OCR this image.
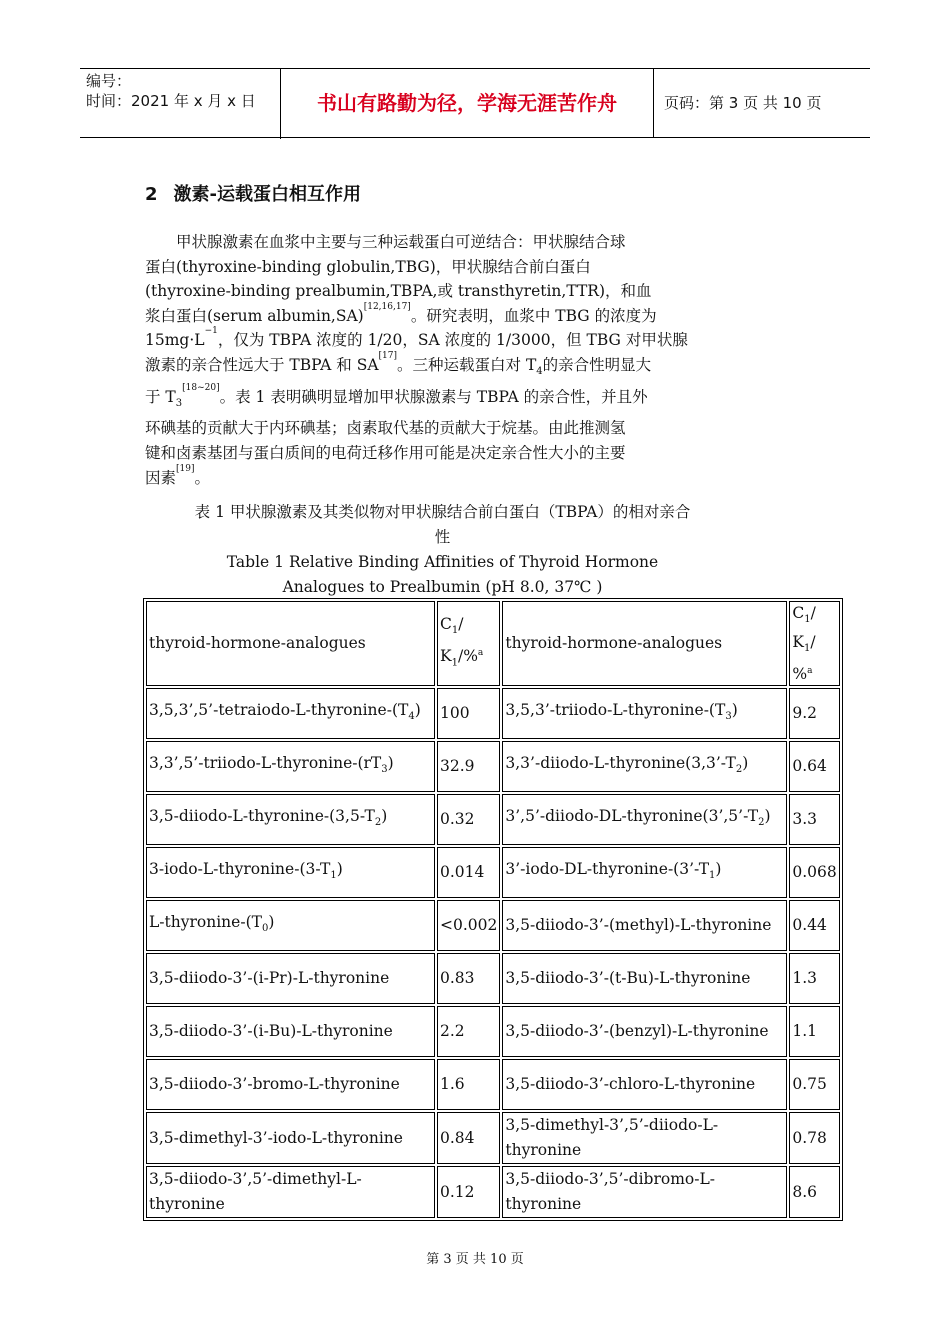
编号：
时间：2021 年 x 月 x 日	书山有路勤为径，学海无涯苦作舟	页码：第 3 页 共 10 页
2 激素-运载蛋白相互作用
　　甲状腺激素在血浆中主要与三种运载蛋白可逆结合：甲状腺结合球
蛋白(thyroxine-binding globulin,TBG)，甲状腺结合前白蛋白
(thyroxine-binding prealbumin,TBPA,或 transthyretin,TTR)，和血
浆白蛋白(serum albumin,SA)[12,16,17]。研究表明，血浆中 TBG 的浓度为
$15mg\cdot L^{-1}$，仅为 TBPA 浓度的 1/20，SA 浓度的 1/3000，但 TBG 对甲状腺
激素的亲合性远大于 TBPA 和 SA[17]。三种运载蛋白对 $T_4$的亲合性明显大
于 $T_3[18\sim 20]$。表 1 表明碘明显增加甲状腺激素与 TBPA 的亲合性，并且外
环碘基的贡献大于内环碘基；卤素取代基的贡献大于烷基。由此推测氢
键和卤素基团与蛋白质间的电荷迁移作用可能是决定亲合性大小的主要
因素[19]。
表 1 甲状腺激素及其类似物对甲状腺结合前白蛋白（TBPA）的相对亲合
性
Table 1 Relative Binding Affinities of Thyroid Hormone
Analogues to Prealbumin (pH 8.0, 37℃ )
thyroid-hormone-analogues	$C_1/$ $K_1/\%^a$	thyroid-hormone-analogues	$C_1/$ $K_1/$ %$^a$
$3,5,3’,5’-tetraiodo-L-thyronine-(T_4)$	100	$3,5,3’-triiodo-L-thyronine-(T_3)$	9.2
$3,3’,5’-triiodo-L-thyronine-(rT_3)$	32.9	$3,3’-diiodo-L-thyronine(3,3’-T_2)$	0.64
$3,5-diiodo-L-thyronine-(3,5-T_2)$	0.32	$3’,5’-diiodo-DL-thyronine(3’,5’-T_2)$	3.3
$3-iodo-L-thyronine-(3-T_1)$	0.014	$3’-iodo-DL-thyronine-(3’-T_1)$	0.068
$L-thyronine-(T_0)$	<0.002	3,5-diiodo-3’-(methyl)-L-thyronine	0.44
3,5-diiodo-3’-(i-Pr)-L-thyronine	0.83	3,5-diiodo-3’-(t-Bu)-L-thyronine	1.3
3,5-diiodo-3’-(i-Bu)-L-thyronine	2.2	3,5-diiodo-3’-(benzyl)-L-thyronine	1.1
3,5-diiodo-3’-bromo-L-thyronine	1.6	3,5-diiodo-3’-chloro-L-thyronine	0.75
3,5-dimethyl-3’-iodo-L-thyronine	0.84	3,5-dimethyl-3’,5’-diiodo-L-thyronine	0.78
3,5-diiodo-3’,5’-dimethyl-L-thyronine	0.12	3,5-diiodo-3’,5’-dibromo-L-thyronine	8.6
第 3 页 共 10 页
